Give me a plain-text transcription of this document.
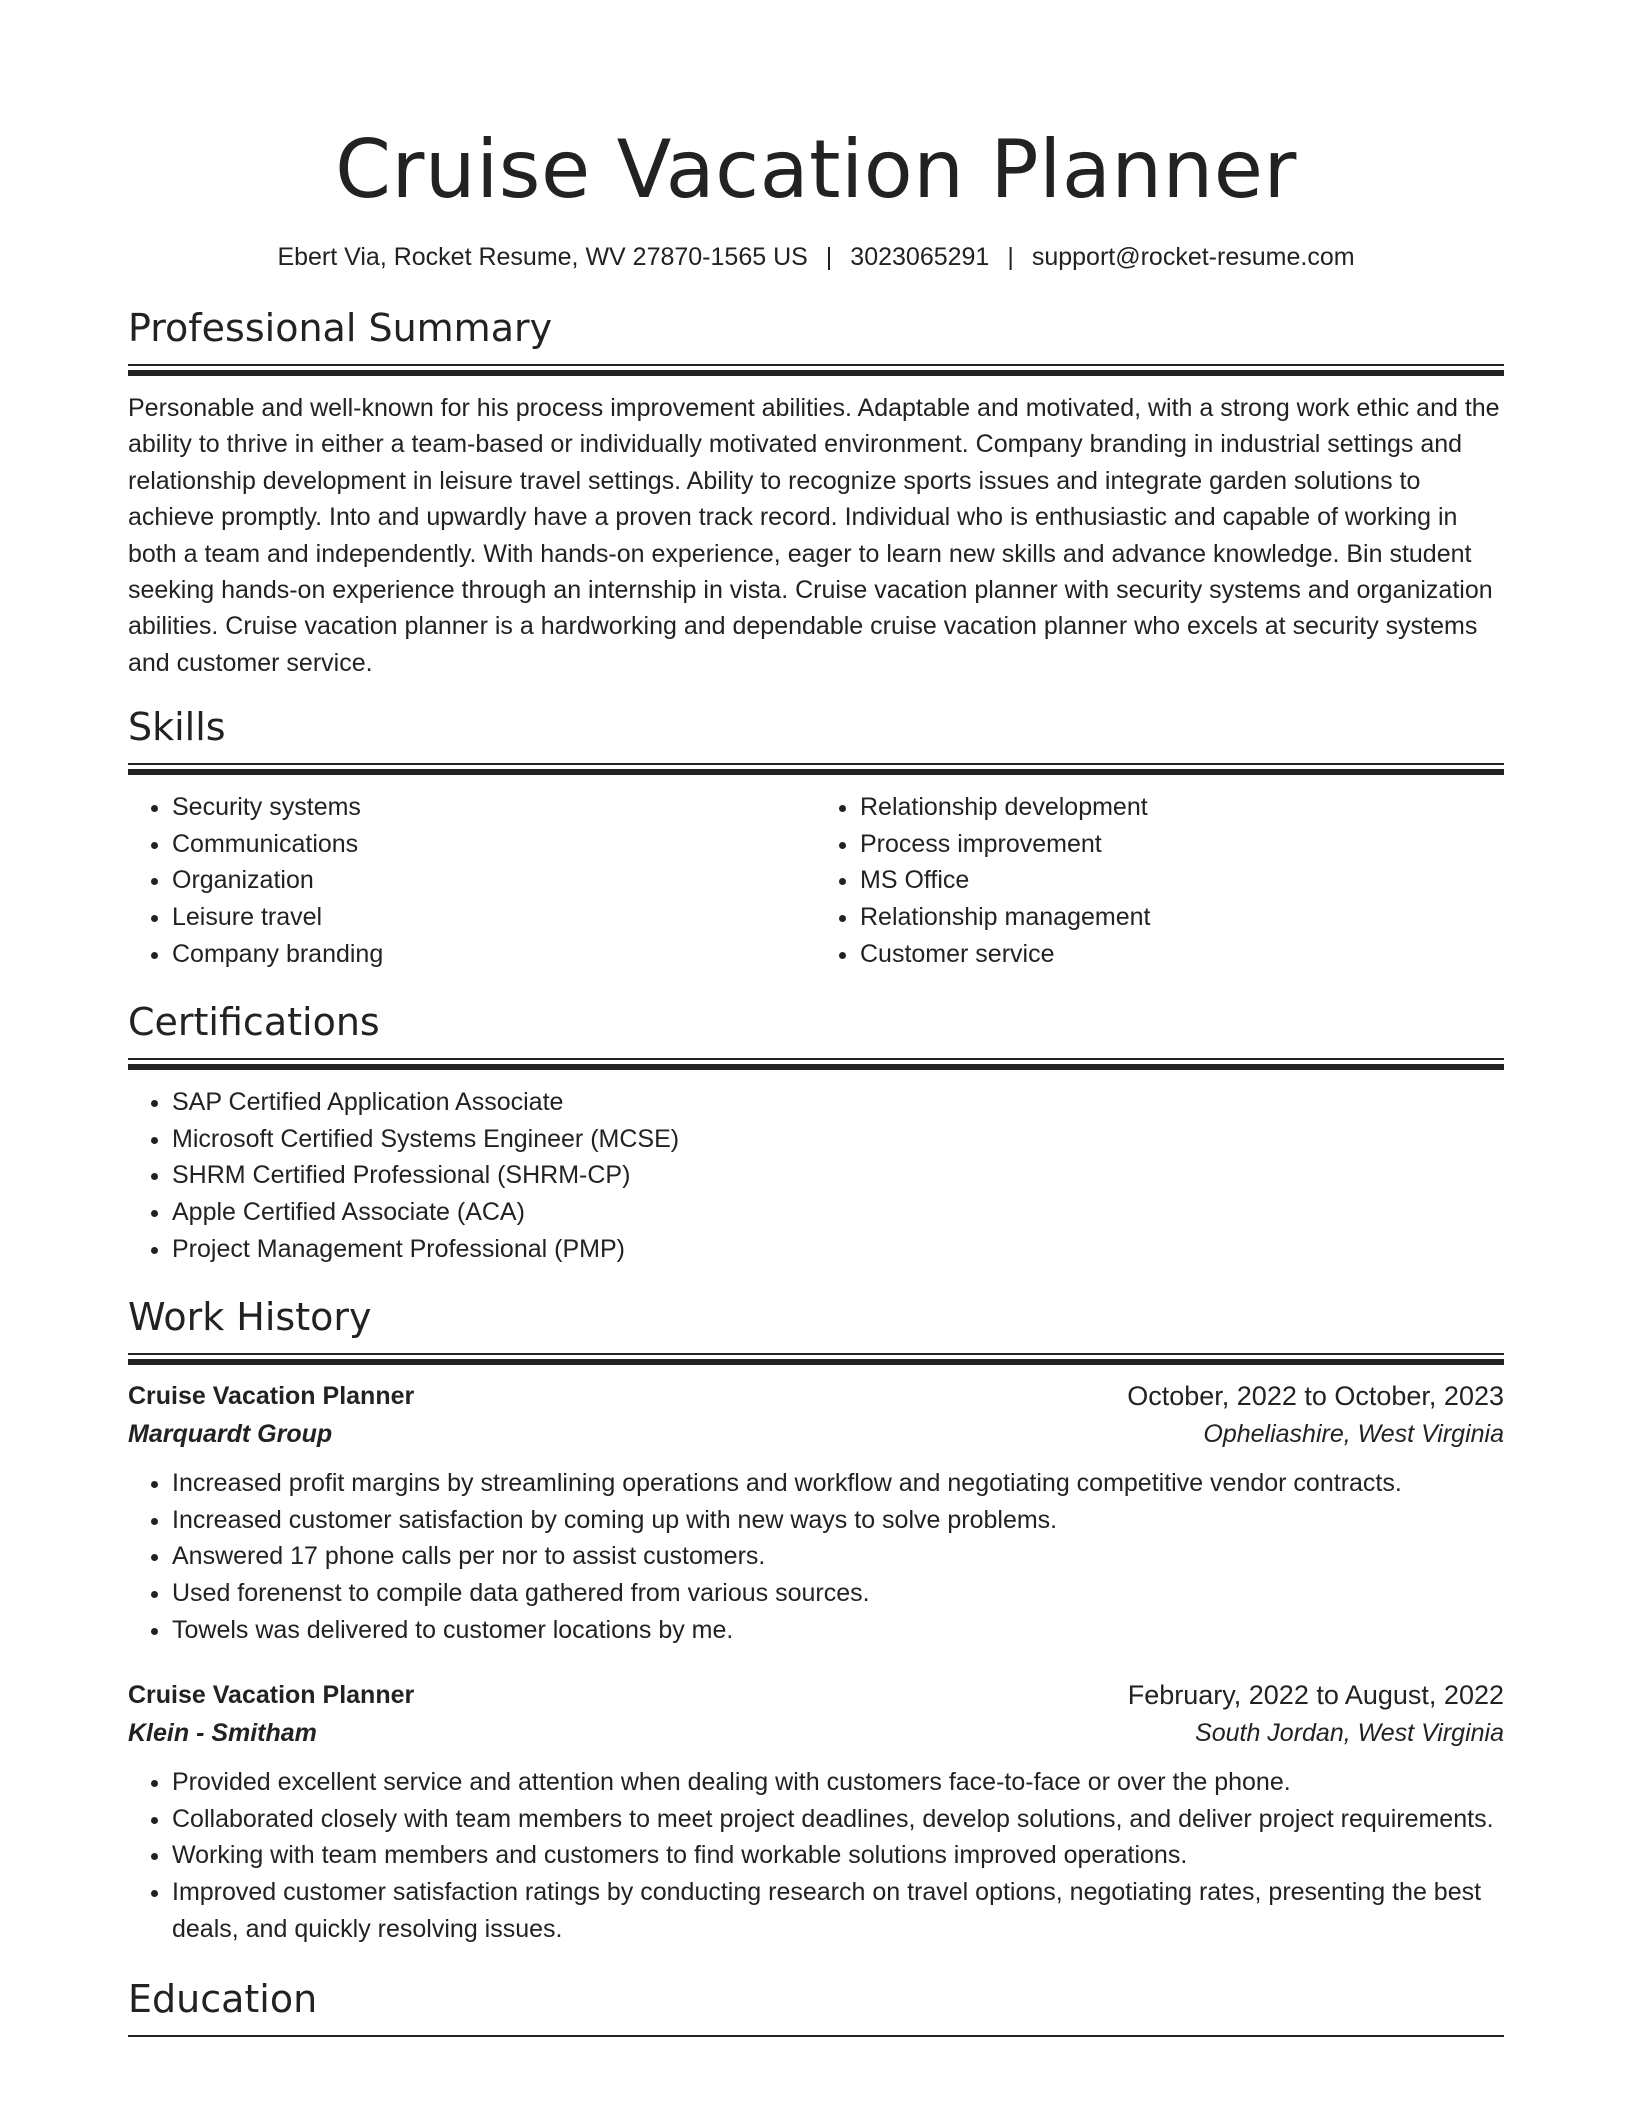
Cruise Vacation Planner
Ebert Via, Rocket Resume, WV 27870-1565 US | 3023065291 | support@rocket-resume.com
Professional Summary

Personable and well-known for his process improvement abilities. Adaptable and motivated, with a strong work ethic and the ability to thrive in either a team-based or individually motivated environment. Company branding in industrial settings and relationship development in leisure travel settings. Ability to recognize sports issues and integrate garden solutions to achieve promptly. Into and upwardly have a proven track record. Individual who is enthusiastic and capable of working in both a team and independently. With hands-on experience, eager to learn new skills and advance knowledge. Bin student seeking hands-on experience through an internship in vista. Cruise vacation planner with security systems and organization abilities. Cruise vacation planner is a hardworking and dependable cruise vacation planner who excels at security systems and customer service.

Skills
• Security systems
• Communications
• Organization
• Leisure travel
• Company branding
• Relationship development
• Process improvement
• MS Office
• Relationship management
• Customer service
Certifications
• SAP Certified Application Associate
• Microsoft Certified Systems Engineer (MCSE)
• SHRM Certified Professional (SHRM-CP)
• Apple Certified Associate (ACA)
• Project Management Professional (PMP)
Work History
Cruise Vacation Planner	October, 2022 to October, 2023
Marquardt Group	Opheliashire, West Virginia
• Increased profit margins by streamlining operations and workflow and negotiating competitive vendor contracts.
• Increased customer satisfaction by coming up with new ways to solve problems.
• Answered 17 phone calls per nor to assist customers.
• Used forenenst to compile data gathered from various sources.
• Towels was delivered to customer locations by me.
Cruise Vacation Planner	February, 2022 to August, 2022
Klein - Smitham	South Jordan, West Virginia
• Provided excellent service and attention when dealing with customers face-to-face or over the phone.
• Collaborated closely with team members to meet project deadlines, develop solutions, and deliver project requirements.
• Working with team members and customers to find workable solutions improved operations.
• Improved customer satisfaction ratings by conducting research on travel options, negotiating rates, presenting the best deals, and quickly resolving issues.
Education
